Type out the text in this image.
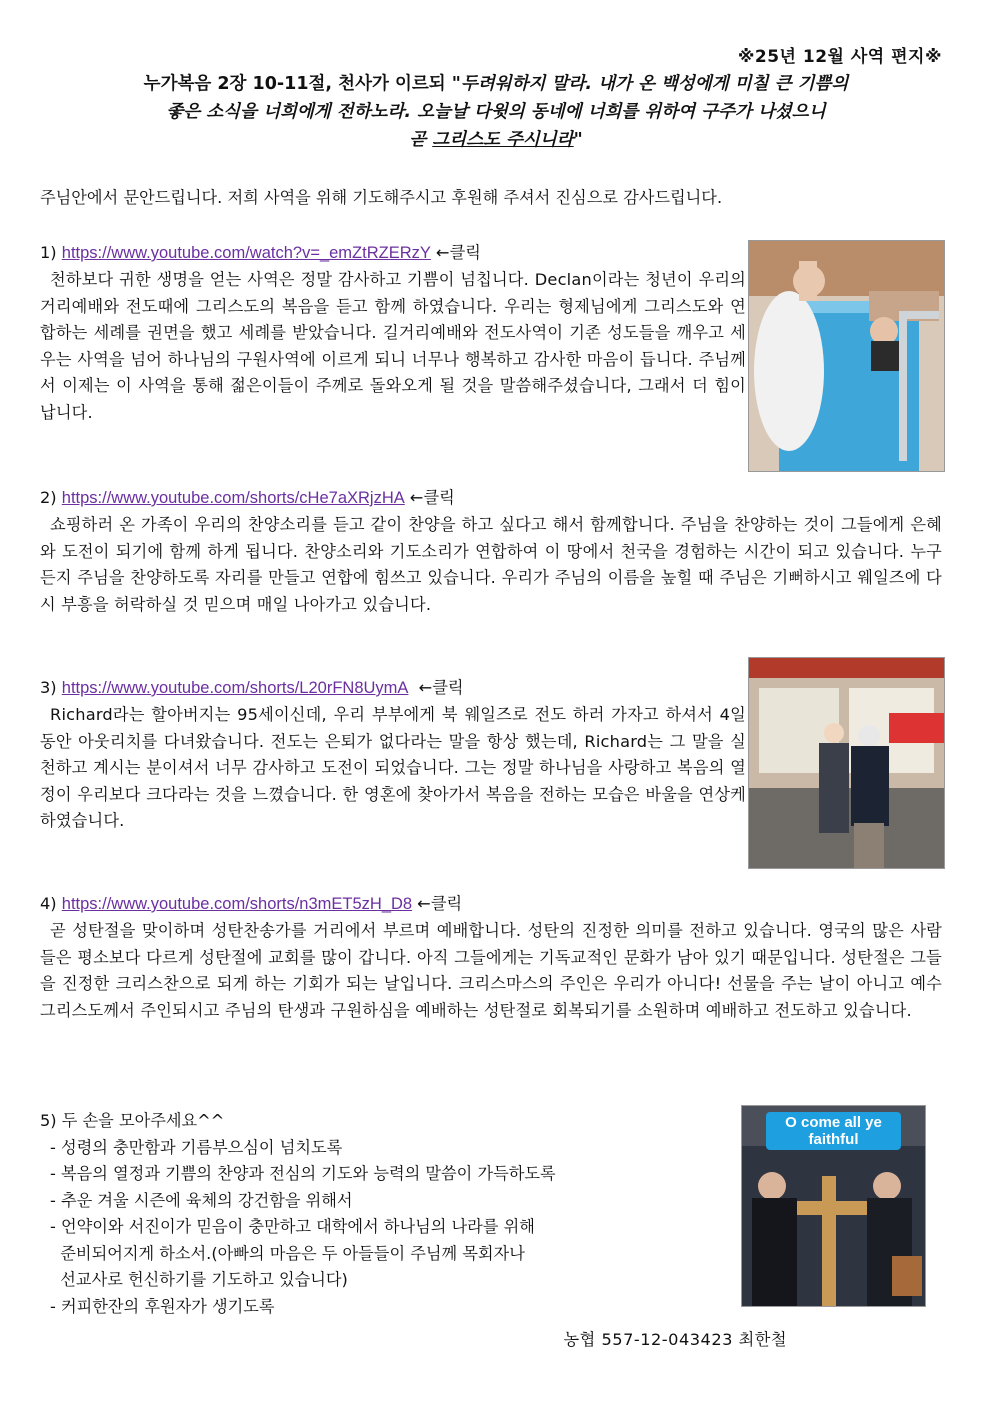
※25년 12월 사역 편지※
누가복음 2장 10-11절, 천사가 이르되 "두려워하지 말라. 내가 온 백성에게 미칠 큰 기쁨의
좋은 소식을 너희에게 전하노라. 오늘날 다윗의 동네에 너희를 위하여 구주가 나셨으니
곧 그리스도 주시니라"
주님안에서 문안드립니다. 저희 사역을 위해 기도해주시고 후원해 주셔서 진심으로 감사드립니다.
1) https://www.youtube.com/watch?v=_emZtRZERzY ←클릭
천하보다 귀한 생명을 얻는 사역은 정말 감사하고 기쁨이 넘칩니다. Declan이라는 청년이 우리의 거리예배와 전도때에 그리스도의 복음을 듣고 함께 하였습니다. 우리는 형제님에게 그리스도와 연합하는 세례를 권면을 했고 세례를 받았습니다. 길거리예배와 전도사역이 기존 성도들을 깨우고 세우는 사역을 넘어 하나님의 구원사역에 이르게 되니 너무나 행복하고 감사한 마음이 듭니다. 주님께서 이제는 이 사역을 통해 젊은이들이 주께로 돌와오게 될 것을 말씀해주셨습니다, 그래서 더 힘이 납니다.
2) https://www.youtube.com/shorts/cHe7aXRjzHA ←클릭
쇼핑하러 온 가족이 우리의 찬양소리를 듣고 같이 찬양을 하고 싶다고 해서 함께합니다. 주님을 찬양하는 것이 그들에게 은혜와 도전이 되기에 함께 하게 됩니다. 찬양소리와 기도소리가 연합하여 이 땅에서 천국을 경험하는 시간이 되고 있습니다. 누구든지 주님을 찬양하도록 자리를 만들고 연합에 힘쓰고 있습니다. 우리가 주님의 이름을 높힐 때 주님은 기뻐하시고 웨일즈에 다시 부흥을 허락하실 것 믿으며 매일 나아가고 있습니다.
3) https://www.youtube.com/shorts/L20rFN8UymA ←클릭
Richard라는 할아버지는 95세이신데, 우리 부부에게 북 웨일즈로 전도 하러 가자고 하셔서 4일 동안 아웃리치를 다녀왔습니다. 전도는 은퇴가 없다라는 말을 항상 했는데, Richard는 그 말을 실천하고 계시는 분이셔서 너무 감사하고 도전이 되었습니다. 그는 정말 하나님을 사랑하고 복음의 열정이 우리보다 크다라는 것을 느꼈습니다. 한 영혼에 찾아가서 복음을 전하는 모습은 바울을 연상케 하였습니다.
4) https://www.youtube.com/shorts/n3mET5zH_D8 ←클릭
곧 성탄절을 맞이하며 성탄찬송가를 거리에서 부르며 예배합니다. 성탄의 진정한 의미를 전하고 있습니다. 영국의 많은 사람들은 평소보다 다르게 성탄절에 교회를 많이 갑니다. 아직 그들에게는 기독교적인 문화가 남아 있기 때문입니다. 성탄절은 그들을 진정한 크리스찬으로 되게 하는 기회가 되는 날입니다. 크리스마스의 주인은 우리가 아니다! 선물을 주는 날이 아니고 예수 그리스도께서 주인되시고 주님의 탄생과 구원하심을 예배하는 성탄절로 회복되기를 소원하며 예배하고 전도하고 있습니다.
5) 두 손을 모아주세요^^
- 성령의 충만함과 기름부으심이 넘치도록
- 복음의 열정과 기쁨의 찬양과 전심의 기도와 능력의 말씀이 가득하도록
- 추운 겨울 시즌에 육체의 강건함을 위해서
- 언약이와 서진이가 믿음이 충만하고 대학에서 하나님의 나라를 위해
준비되어지게 하소서.(아빠의 마음은 두 아들들이 주님께 목회자나
선교사로 헌신하기를 기도하고 있습니다)
- 커피한잔의 후원자가 생기도록
O come all ye faithful
농협 557-12-043423 최한철
